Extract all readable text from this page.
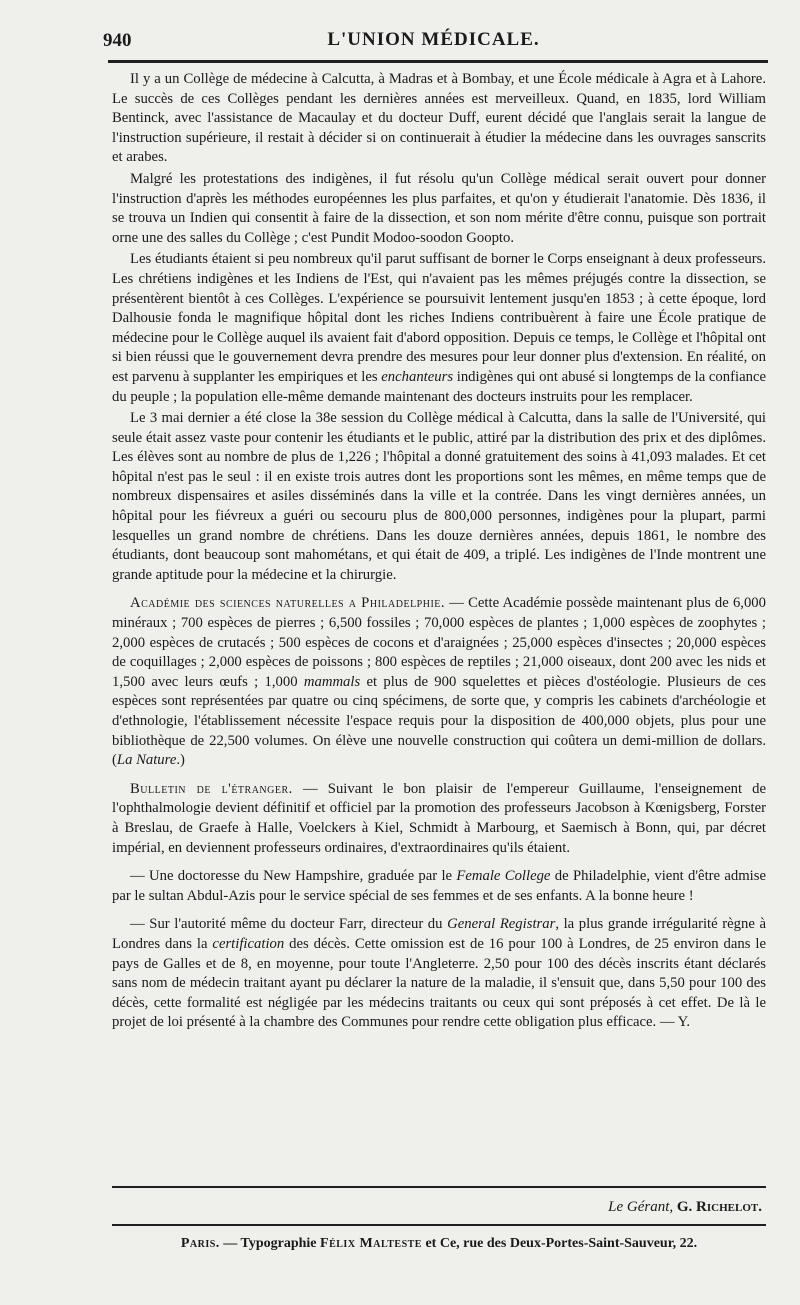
940	L'UNION MÉDICALE.

Il y a un Collège de médecine à Calcutta, à Madras et à Bombay, et une École médicale à Agra et à Lahore. Le succès de ces Collèges pendant les dernières années est merveilleux. Quand, en 1835, lord William Bentinck, avec l'assistance de Macaulay et du docteur Duff, eurent décidé que l'anglais serait la langue de l'instruction supérieure, il restait à décider si on continuerait à étudier la médecine dans les ouvrages sanscrits et arabes.

Malgré les protestations des indigènes, il fut résolu qu'un Collège médical serait ouvert pour donner l'instruction d'après les méthodes européennes les plus parfaites, et qu'on y étudierait l'anatomie. Dès 1836, il se trouva un Indien qui consentit à faire de la dissection, et son nom mérite d'être connu, puisque son portrait orne une des salles du Collège ; c'est Pundit Modoo-soodon Goopto.

Les étudiants étaient si peu nombreux qu'il parut suffisant de borner le Corps enseignant à deux professeurs. Les chrétiens indigènes et les Indiens de l'Est, qui n'avaient pas les mêmes préjugés contre la dissection, se présentèrent bientôt à ces Collèges. L'expérience se poursuivit lentement jusqu'en 1853 ; à cette époque, lord Dalhousie fonda le magnifique hôpital dont les riches Indiens contribuèrent à faire une École pratique de médecine pour le Collège auquel ils avaient fait d'abord opposition. Depuis ce temps, le Collège et l'hôpital ont si bien réussi que le gouvernement devra prendre des mesures pour leur donner plus d'extension. En réalité, on est parvenu à supplanter les empiriques et les enchanteurs indigènes qui ont abusé si longtemps de la confiance du peuple ; la population elle-même demande maintenant des docteurs instruits pour les remplacer.

Le 3 mai dernier a été close la 38e session du Collège médical à Calcutta, dans la salle de l'Université, qui seule était assez vaste pour contenir les étudiants et le public, attiré par la distribution des prix et des diplômes. Les élèves sont au nombre de plus de 1,226 ; l'hôpital a donné gratuitement des soins à 41,093 malades. Et cet hôpital n'est pas le seul : il en existe trois autres dont les proportions sont les mêmes, en même temps que de nombreux dispensaires et asiles disséminés dans la ville et la contrée. Dans les vingt dernières années, un hôpital pour les fiévreux a guéri ou secouru plus de 800,000 personnes, indigènes pour la plupart, parmi lesquelles un grand nombre de chrétiens. Dans les douze dernières années, depuis 1861, le nombre des étudiants, dont beaucoup sont mahométans, et qui était de 409, a triplé. Les indigènes de l'Inde montrent une grande aptitude pour la médecine et la chirurgie.

Académie des sciences naturelles a Philadelphie. — Cette Académie possède maintenant plus de 6,000 minéraux ; 700 espèces de pierres ; 6,500 fossiles ; 70,000 espèces de plantes ; 1,000 espèces de zoophytes ; 2,000 espèces de crutacés ; 500 espèces de cocons et d'araignées ; 25,000 espèces d'insectes ; 20,000 espèces de coquillages ; 2,000 espèces de poissons ; 800 espèces de reptiles ; 21,000 oiseaux, dont 200 avec les nids et 1,500 avec leurs œufs ; 1,000 mammals et plus de 900 squelettes et pièces d'ostéologie. Plusieurs de ces espèces sont représentées par quatre ou cinq spécimens, de sorte que, y compris les cabinets d'archéologie et d'ethnologie, l'établissement nécessite l'espace requis pour la disposition de 400,000 objets, plus pour une bibliothèque de 22,500 volumes. On élève une nouvelle construction qui coûtera un demi-million de dollars. (La Nature.)

Bulletin de l'étranger. — Suivant le bon plaisir de l'empereur Guillaume, l'enseignement de l'ophthalmologie devient définitif et officiel par la promotion des professeurs Jacobson à Kœnigsberg, Forster à Breslau, de Graefe à Halle, Voelckers à Kiel, Schmidt à Marbourg, et Saemisch à Bonn, qui, par décret impérial, en deviennent professeurs ordinaires, d'extraordinaires qu'ils étaient.

— Une doctoresse du New Hampshire, graduée par le Female College de Philadelphie, vient d'être admise par le sultan Abdul-Azis pour le service spécial de ses femmes et de ses enfants. A la bonne heure !

— Sur l'autorité même du docteur Farr, directeur du General Registrar, la plus grande irrégularité règne à Londres dans la certification des décès. Cette omission est de 16 pour 100 à Londres, de 25 environ dans le pays de Galles et de 8, en moyenne, pour toute l'Angleterre. 2,50 pour 100 des décès inscrits étant déclarés sans nom de médecin traitant ayant pu déclarer la nature de la maladie, il s'ensuit que, dans 5,50 pour 100 des décès, cette formalité est négligée par les médecins traitants ou ceux qui sont préposés à cet effet. De là le projet de loi présenté à la chambre des Communes pour rendre cette obligation plus efficace. — Y.

Le Gérant, G. Richelot.
Paris. — Typographie Félix Malteste et Ce, rue des Deux-Portes-Saint-Sauveur, 22.
